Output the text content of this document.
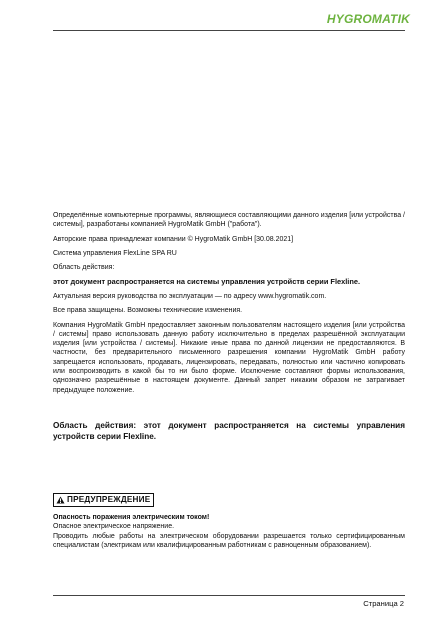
HYGROMATIK

Определённые компьютерные программы, являющиеся составляющими данного изделия [или устройства / системы], разработаны компанией HygroMatik GmbH ("работа").

Авторские права принадлежат компании © HygroMatik GmbH [30.08.2021]

Система управления FlexLine SPA RU

Область действия:

этот документ распространяется на системы управления устройств серии Flexline.

Актуальная версия руководства по эксплуатации — по адресу www.hygromatik.com.

Все права защищены. Возможны технические изменения.

Компания HygroMatik GmbH предоставляет законным пользователям настоящего изделия [или устройства / системы] право использовать данную работу исключительно в пределах разрешённой эксплуатации изделия [или устройства / системы]. Никакие иные права по данной лицензии не предоставляются. В частности, без предварительного письменного разрешения компании HygroMatik GmbH работу запрещается использовать, продавать, лицензировать, передавать, полностью или частично копировать или воспроизводить в какой бы то ни было форме. Исключение составляют формы использования, однозначно разрешённые в настоящем документе. Данный запрет никаким образом не затрагивает предыдущее положение.

Область действия: этот документ распространяется на системы управления устройств серии Flexline.

ПРЕДУПРЕЖДЕНИЕ

Опасность поражения электрическим током!

Опасное электрическое напряжение.

Проводить любые работы на электрическом оборудовании разрешается только сертифицированным специалистам (электрикам или квалифицированным работникам с равноценным образованием).

Страница 2
